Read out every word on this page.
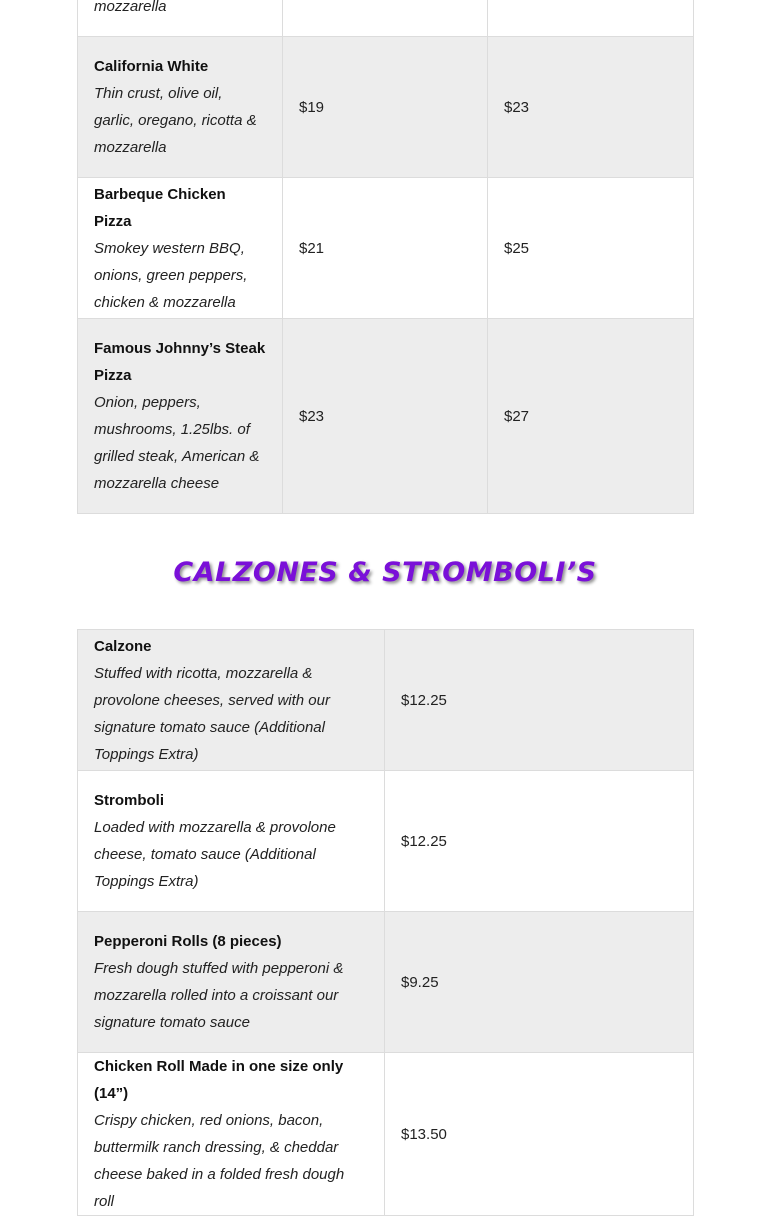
mozzarella		

California White
Thin crust, olive oil, garlic, oregano, ricotta & mozzarella	$19	$23

Barbeque Chicken Pizza
Smokey western BBQ, onions, green peppers, chicken & mozzarella	$21	$25

Famous Johnny’s Steak Pizza
Onion, peppers, mushrooms, 1.25lbs. of grilled steak, American & mozzarella cheese	$23	$27
CALZONES & STROMBOLI’S
Calzone
Stuffed with ricotta, mozzarella & provolone cheeses, served with our signature tomato sauce (Additional Toppings Extra)	$12.25

Stromboli
Loaded with mozzarella & provolone cheese, tomato sauce (Additional Toppings Extra)	$12.25

Pepperoni Rolls (8 pieces)
Fresh dough stuffed with pepperoni & mozzarella rolled into a croissant our signature tomato sauce	$9.25

Chicken Roll Made in one size only (14”)
Crispy chicken, red onions, bacon, buttermilk ranch dressing, & cheddar cheese baked in a folded fresh dough roll	$13.50
